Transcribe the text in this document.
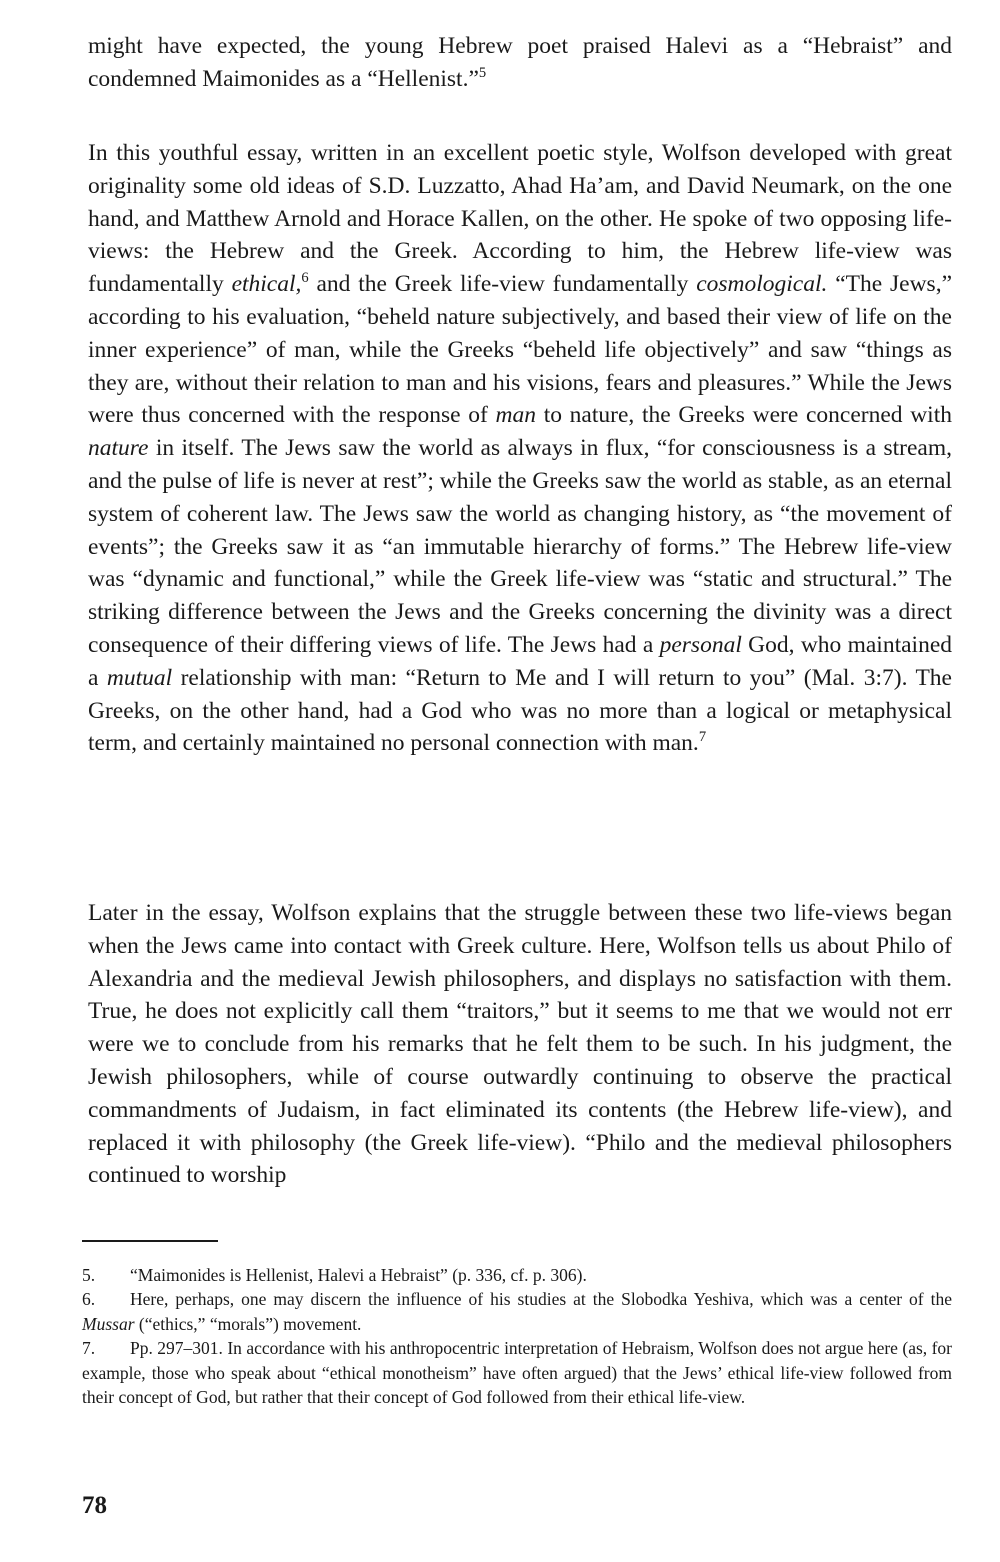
might have expected, the young Hebrew poet praised Halevi as a “Hebraist” and condemned Maimonides as a “Hellenist.”$^5$

In this youthful essay, written in an excellent poetic style, Wolfson developed with great originality some old ideas of S.D. Luzzatto, Ahad Ha’am, and David Neumark, on the one hand, and Matthew Arnold and Horace Kallen, on the other. He spoke of two opposing life-views: the Hebrew and the Greek. According to him, the Hebrew life-view was fundamentally ethical,$^6$ and the Greek life-view fundamentally cosmological. “The Jews,” according to his evaluation, “beheld nature subjectively, and based their view of life on the inner experience” of man, while the Greeks “beheld life objectively” and saw “things as they are, without their relation to man and his visions, fears and pleasures.” While the Jews were thus concerned with the response of man to nature, the Greeks were concerned with nature in itself. The Jews saw the world as always in flux, “for consciousness is a stream, and the pulse of life is never at rest”; while the Greeks saw the world as stable, as an eternal system of coherent law. The Jews saw the world as changing history, as “the movement of events”; the Greeks saw it as “an immutable hierarchy of forms.” The Hebrew life-view was “dynamic and functional,” while the Greek life-view was “static and structural.” The striking difference between the Jews and the Greeks concerning the divinity was a direct consequence of their differing views of life. The Jews had a personal God, who maintained a mutual relationship with man: “Return to Me and I will return to you” (Mal. 3:7). The Greeks, on the other hand, had a God who was no more than a logical or metaphysical term, and certainly maintained no personal connection with man.$^7$

Later in the essay, Wolfson explains that the struggle between these two life-views began when the Jews came into contact with Greek culture. Here, Wolfson tells us about Philo of Alexandria and the medieval Jewish philosophers, and displays no satisfaction with them. True, he does not explicitly call them “traitors,” but it seems to me that we would not err were we to conclude from his remarks that he felt them to be such. In his judgment, the Jewish philosophers, while of course outwardly continuing to observe the practical commandments of Judaism, in fact eliminated its contents (the Hebrew life-view), and replaced it with philosophy (the Greek life-view). “Philo and the medieval philosophers continued to worship

5. “Maimonides is Hellenist, Halevi a Hebraist” (p. 336, cf. p. 306).

6. Here, perhaps, one may discern the influence of his studies at the Slobodka Yeshiva, which was a center of the Mussar (“ethics,” “morals”) movement.

7. Pp. 297–301. In accordance with his anthropocentric interpretation of Hebraism, Wolfson does not argue here (as, for example, those who speak about “ethical monotheism” have often argued) that the Jews’ ethical life-view followed from their concept of God, but rather that their concept of God followed from their ethical life-view.

78
